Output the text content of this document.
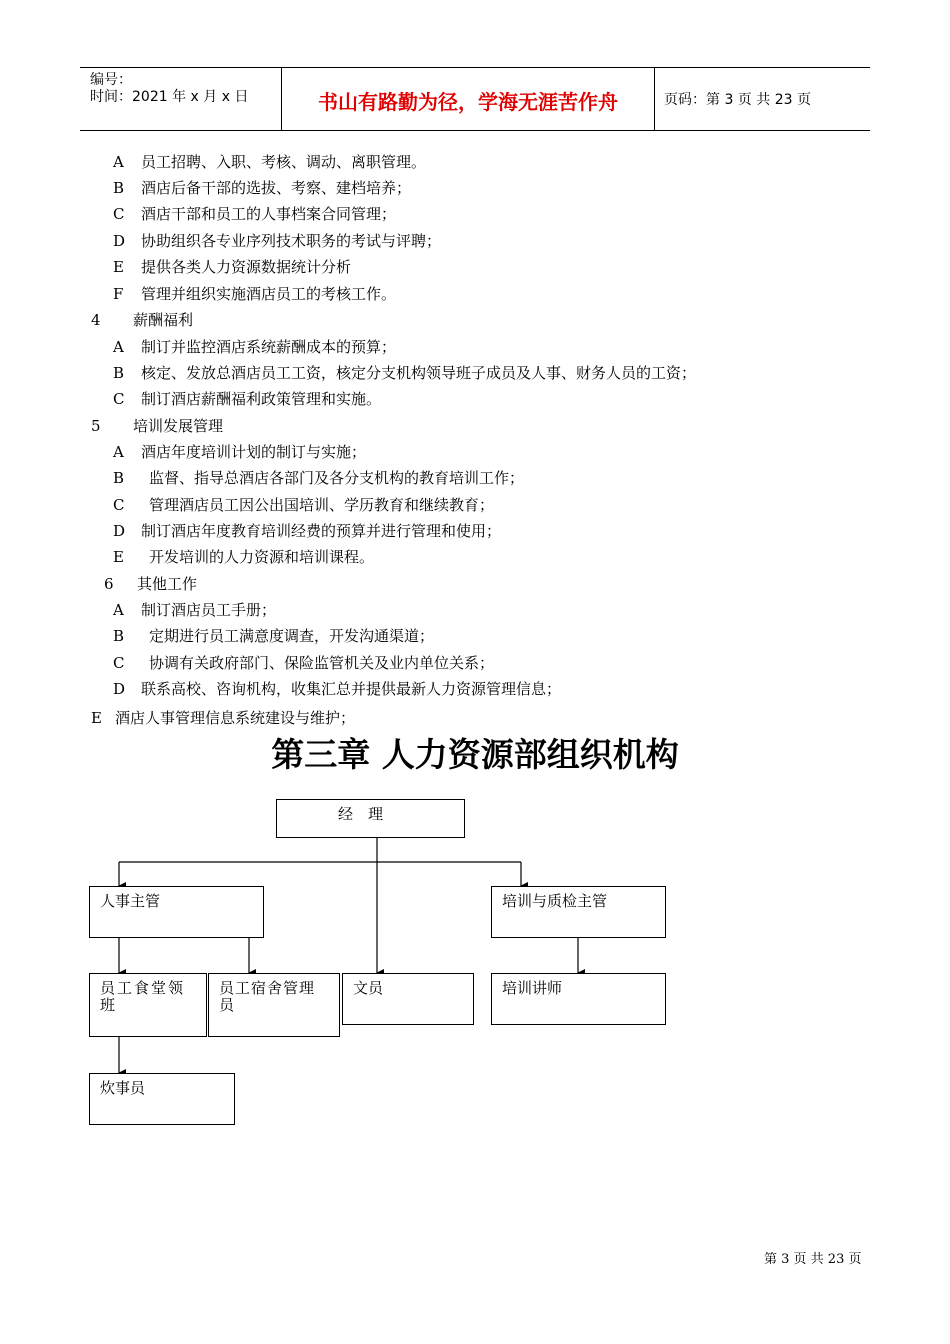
编号：
时间：2021 年 x 月 x 日	书山有路勤为径，学海无涯苦作舟	页码：第 3 页 共 23 页
A 员工招聘、入职、考核、调动、离职管理。
B 酒店后备干部的选拔、考察、建档培养；
C 酒店干部和员工的人事档案合同管理；
D 协助组织各专业序列技术职务的考试与评聘；
E 提供各类人力资源数据统计分析
F 管理并组织实施酒店员工的考核工作。
4 薪酬福利
A 制订并监控酒店系统薪酬成本的预算；
B 核定、发放总酒店员工工资，核定分支机构领导班子成员及人事、财务人员的工资；
C 制订酒店薪酬福利政策管理和实施。
5 培训发展管理
A 酒店年度培训计划的制订与实施；
B 监督、指导总酒店各部门及各分支机构的教育培训工作；
C 管理酒店员工因公出国培训、学历教育和继续教育；
D 制订酒店年度教育培训经费的预算并进行管理和使用；
E 开发培训的人力资源和培训课程。
6 其他工作
A 制订酒店员工手册；
B 定期进行员工满意度调查，开发沟通渠道；
C 协调有关政府部门、保险监管机关及业内单位关系；
D 联系高校、咨询机构，收集汇总并提供最新人力资源管理信息；
E 酒店人事管理信息系统建设与维护；
第三章 人力资源部组织机构
经　理
人事主管	培训与质检主管
员工食堂领班
员工宿舍管理员
文员	培训讲师
炊事员
第 3 页 共 23 页
